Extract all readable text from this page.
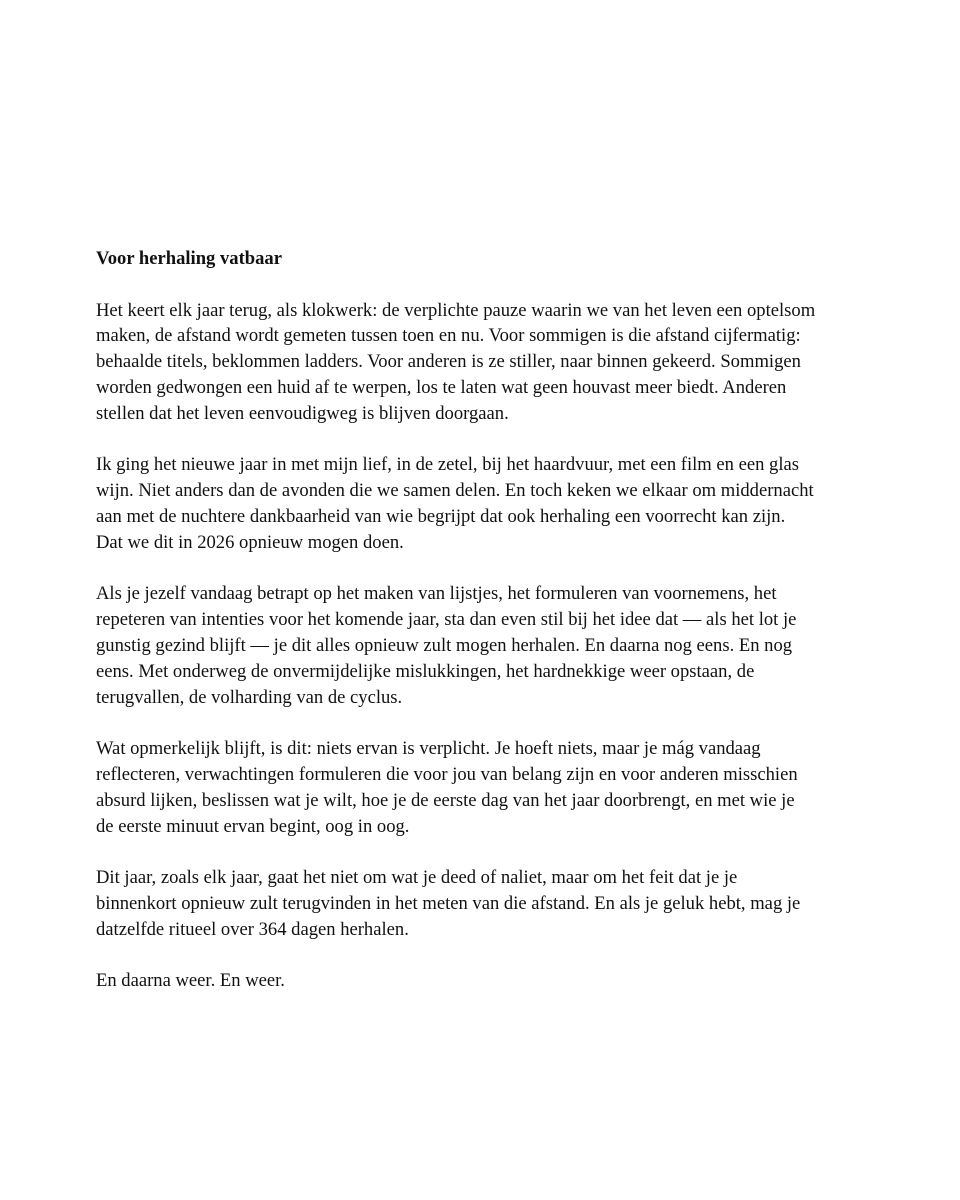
Voor herhaling vatbaar

Het keert elk jaar terug, als klokwerk: de verplichte pauze waarin we van het leven een optelsom maken, de afstand wordt gemeten tussen toen en nu. Voor sommigen is die afstand cijfermatig: behaalde titels, beklommen ladders. Voor anderen is ze stiller, naar binnen gekeerd. Sommigen worden gedwongen een huid af te werpen, los te laten wat geen houvast meer biedt. Anderen stellen dat het leven eenvoudigweg is blijven doorgaan.

Ik ging het nieuwe jaar in met mijn lief, in de zetel, bij het haardvuur, met een film en een glas wijn. Niet anders dan de avonden die we samen delen. En toch keken we elkaar om middernacht aan met de nuchtere dankbaarheid van wie begrijpt dat ook herhaling een voorrecht kan zijn. Dat we dit in 2026 opnieuw mogen doen.

Als je jezelf vandaag betrapt op het maken van lijstjes, het formuleren van voornemens, het repeteren van intenties voor het komende jaar, sta dan even stil bij het idee dat — als het lot je gunstig gezind blijft — je dit alles opnieuw zult mogen herhalen. En daarna nog eens. En nog eens. Met onderweg de onvermijdelijke mislukkingen, het hardnekkige weer opstaan, de terugvallen, de volharding van de cyclus.

Wat opmerkelijk blijft, is dit: niets ervan is verplicht. Je hoeft niets, maar je mág vandaag reflecteren, verwachtingen formuleren die voor jou van belang zijn en voor anderen misschien absurd lijken, beslissen wat je wilt, hoe je de eerste dag van het jaar doorbrengt, en met wie je de eerste minuut ervan begint, oog in oog.

Dit jaar, zoals elk jaar, gaat het niet om wat je deed of naliet, maar om het feit dat je je binnenkort opnieuw zult terugvinden in het meten van die afstand. En als je geluk hebt, mag je datzelfde ritueel over 364 dagen herhalen.

En daarna weer. En weer.
